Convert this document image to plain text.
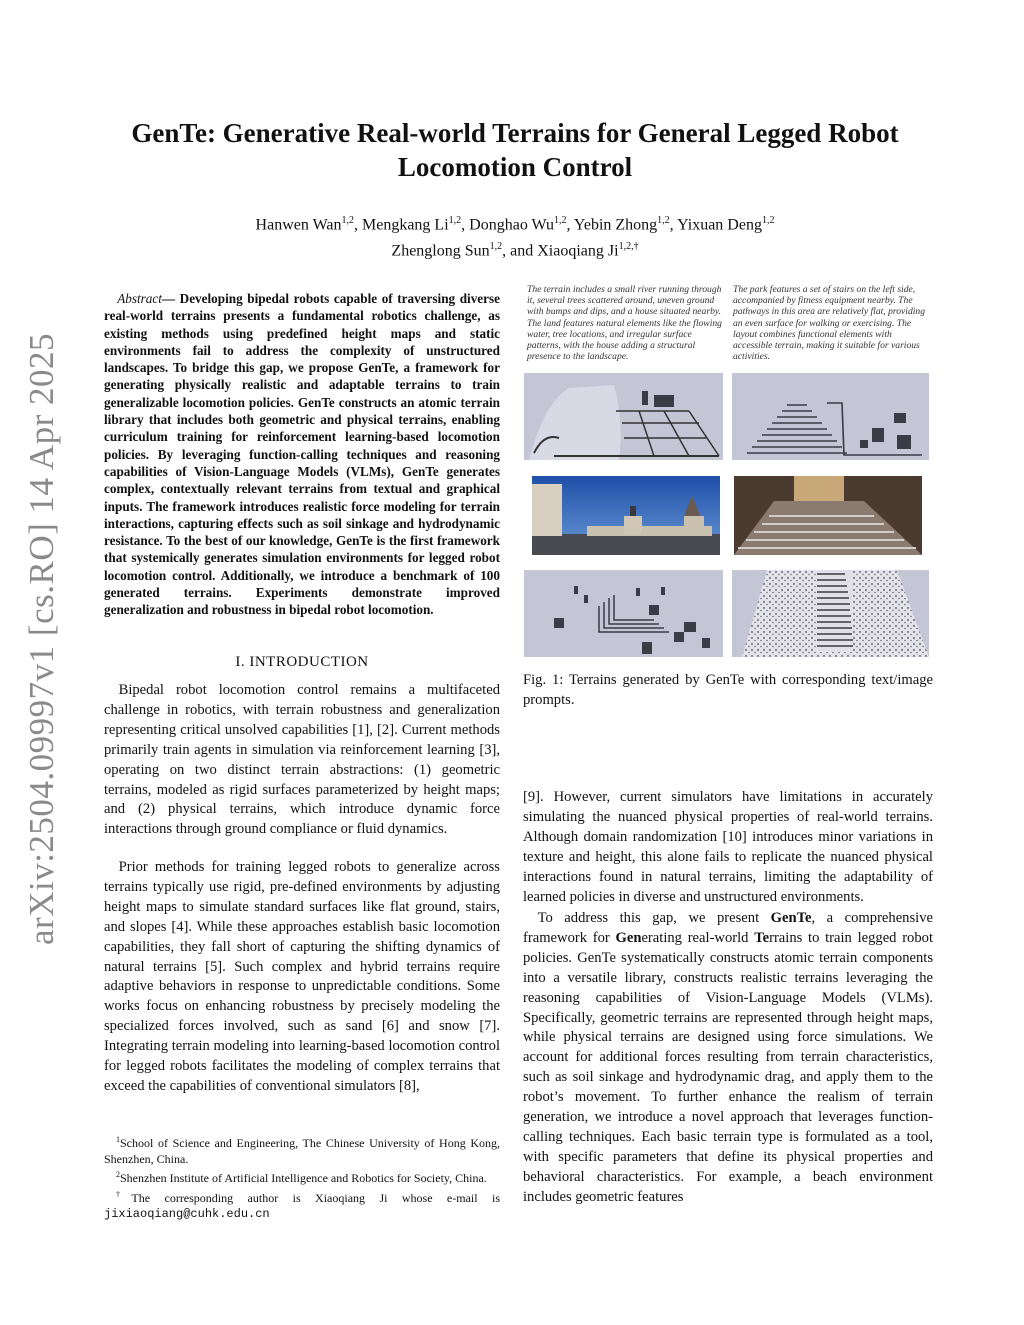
arXiv:2504.09997v1 [cs.RO] 14 Apr 2025
GenTe: Generative Real-world Terrains for General Legged Robot Locomotion Control
Hanwen Wan$^{1,2}$, Mengkang Li$^{1,2}$, Donghao Wu$^{1,2}$, Yebin Zhong$^{1,2}$, Yixuan Deng$^{1,2}$
Zhenglong Sun$^{1,2}$, and Xiaoqiang $Ji^{1,2,\dagger}$

Abstract— Developing bipedal robots capable of traversing diverse real-world terrains presents a fundamental robotics challenge, as existing methods using predefined height maps and static environments fail to address the complexity of unstructured landscapes. To bridge this gap, we propose GenTe, a framework for generating physically realistic and adaptable terrains to train generalizable locomotion policies. GenTe constructs an atomic terrain library that includes both geometric and physical terrains, enabling curriculum training for reinforcement learning-based locomotion policies. By leveraging function-calling techniques and reasoning capabilities of Vision-Language Models (VLMs), GenTe generates complex, contextually relevant terrains from textual and graphical inputs. The framework introduces realistic force modeling for terrain interactions, capturing effects such as soil sinkage and hydrodynamic resistance. To the best of our knowledge, GenTe is the first framework that systemically generates simulation environments for legged robot locomotion control. Additionally, we introduce a benchmark of 100 generated terrains. Experiments demonstrate improved generalization and robustness in bipedal robot locomotion.

I. INTRODUCTION

Bipedal robot locomotion control remains a multifaceted challenge in robotics, with terrain robustness and generalization representing critical unsolved capabilities [1], [2]. Current methods primarily train agents in simulation via reinforcement learning [3], operating on two distinct terrain abstractions: (1) geometric terrains, modeled as rigid surfaces parameterized by height maps; and (2) physical terrains, which introduce dynamic force interactions through ground compliance or fluid dynamics.

Prior methods for training legged robots to generalize across terrains typically use rigid, pre-defined environments by adjusting height maps to simulate standard surfaces like flat ground, stairs, and slopes [4]. While these approaches establish basic locomotion capabilities, they fall short of capturing the shifting dynamics of natural terrains [5]. Such complex and hybrid terrains require adaptive behaviors in response to unpredictable conditions. Some works focus on enhancing robustness by precisely modeling the specialized forces involved, such as sand [6] and snow [7]. Integrating terrain modeling into learning-based locomotion control for legged robots facilitates the modeling of complex terrains that exceed the capabilities of conventional simulators [8],

$^1$School of Science and Engineering, The Chinese University of Hong Kong, Shenzhen, China.

$^2$Shenzhen Institute of Artificial Intelligence and Robotics for Society, China.

†The corresponding author is Xiaoqiang Ji whose e-mail is jixiaoqiang@cuhk.edu.cn

The terrain includes a small river running through it, several trees scattered around, uneven ground with bumps and dips, and a house situated nearby. The land features natural elements like the flowing water, tree locations, and irregular surface patterns, with the house adding a structural presence to the landscape.
The park features a set of stairs on the left side, accompanied by fitness equipment nearby. The pathways in this area are relatively flat, providing an even surface for walking or exercising. The layout combines functional elements with accessible terrain, making it suitable for various activities.
Fig. 1: Terrains generated by GenTe with corresponding text/image prompts.

[9]. However, current simulators have limitations in accurately simulating the nuanced physical properties of real-world terrains. Although domain randomization [10] introduces minor variations in texture and height, this alone fails to replicate the nuanced physical interactions found in natural terrains, limiting the adaptability of learned policies in diverse and unstructured environments.

To address this gap, we present GenTe, a comprehensive framework for Generating real-world Terrains to train legged robot policies. GenTe systematically constructs atomic terrain components into a versatile library, constructs realistic terrains leveraging the reasoning capabilities of Vision-Language Models (VLMs). Specifically, geometric terrains are represented through height maps, while physical terrains are designed using force simulations. We account for additional forces resulting from terrain characteristics, such as soil sinkage and hydrodynamic drag, and apply them to the robot’s movement. To further enhance the realism of terrain generation, we introduce a novel approach that leverages function-calling techniques. Each basic terrain type is formulated as a tool, with specific parameters that define its physical properties and behavioral characteristics. For example, a beach environment includes geometric features
